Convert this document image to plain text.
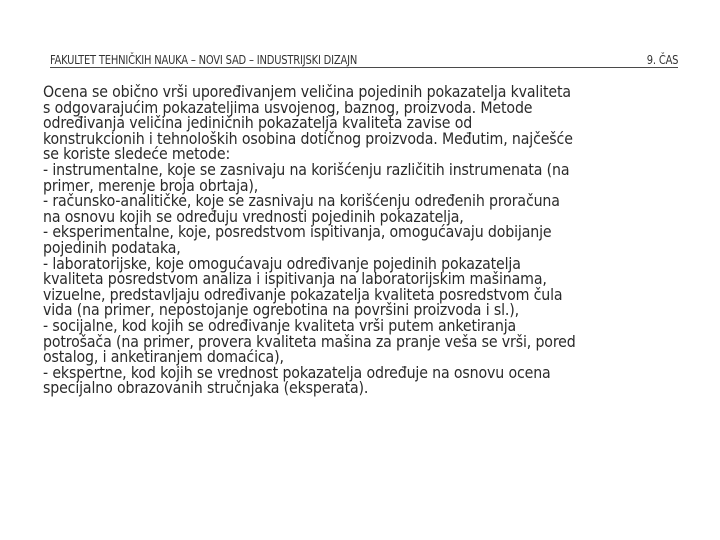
FAKULTET TEHNIČKIH NAUKA – NOVI SAD – INDUSTRIJSKI DIZAJN	9. ČAS
Ocena se obično vrši upoređivanjem veličina pojedinih pokazatelja kvaliteta
s odgovarajućim pokazateljima usvojenog, baznog, proizvoda. Metode
određivanja veličina jediničnih pokazatelja kvaliteta zavise od
konstrukcionih i tehnoloških osobina dotičnog proizvoda. Međutim, najčešće
se koriste sledeće metode:
- instrumentalne, koje se zasnivaju na korišćenju različitih instrumenata (na
primer, merenje broja obrtaja),
- računsko-analitičke, koje se zasnivaju na korišćenju određenih proračuna
na osnovu kojih se određuju vrednosti pojedinih pokazatelja,
- eksperimentalne, koje, posredstvom ispitivanja, omogućavaju dobijanje
pojedinih podataka,
- laboratorijske, koje omogućavaju određivanje pojedinih pokazatelja
kvaliteta posredstvom analiza i ispitivanja na laboratorijskim mašinama,
vizuelne, predstavljaju određivanje pokazatelja kvaliteta posredstvom čula
vida (na primer, nepostojanje ogrebotina na površini proizvoda i sl.),
- socijalne, kod kojih se određivanje kvaliteta vrši putem anketiranja
potrošača (na primer, provera kvaliteta mašina za pranje veša se vrši, pored
ostalog, i anketiranjem domaćica),
- ekspertne, kod kojih se vrednost pokazatelja određuje na osnovu ocena
specijalno obrazovanih stručnjaka (eksperata).
